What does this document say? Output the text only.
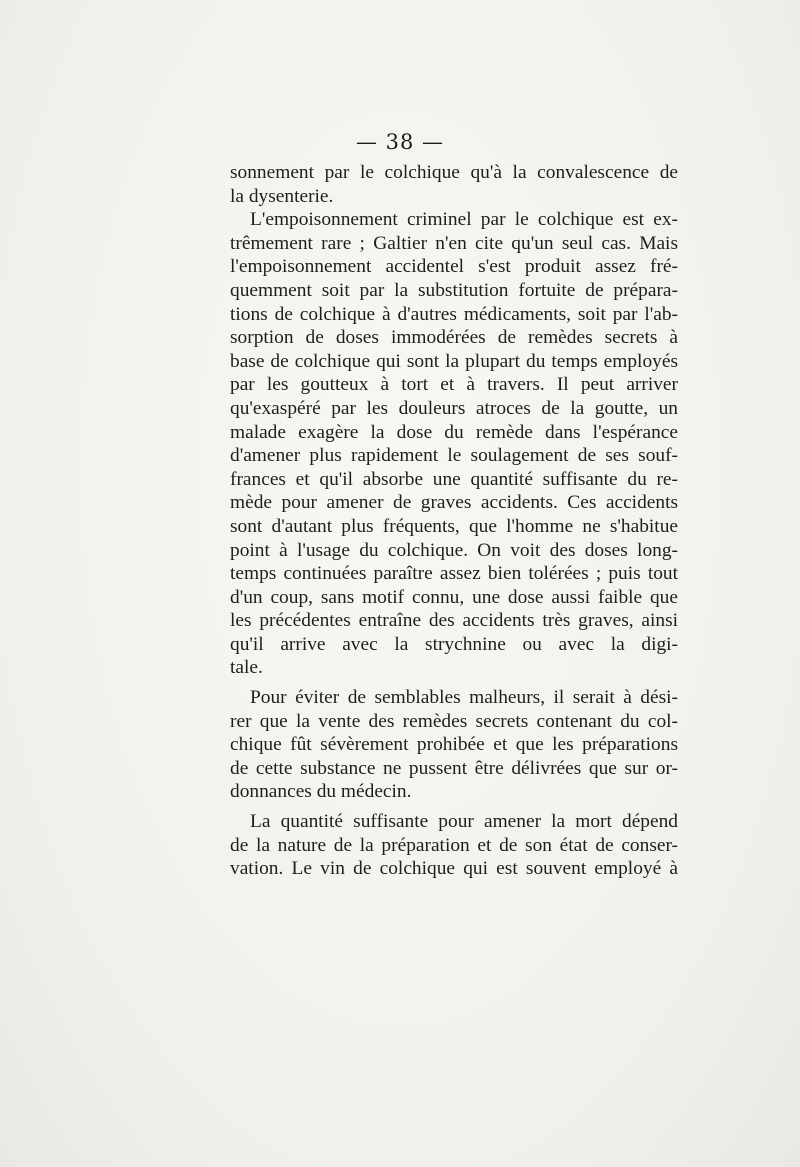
— 38 —

sonnement par le colchique qu'à la convalescence de
la dysenterie.

L'empoisonnement criminel par le colchique est ex-
trêmement rare ; Galtier n'en cite qu'un seul cas. Mais
l'empoisonnement accidentel s'est produit assez fré-
quemment soit par la substitution fortuite de prépara-
tions de colchique à d'autres médicaments, soit par l'ab-
sorption de doses immodérées de remèdes secrets à
base de colchique qui sont la plupart du temps employés
par les goutteux à tort et à travers. Il peut arriver
qu'exaspéré par les douleurs atroces de la goutte, un
malade exagère la dose du remède dans l'espérance
d'amener plus rapidement le soulagement de ses souf-
frances et qu'il absorbe une quantité suffisante du re-
mède pour amener de graves accidents. Ces accidents
sont d'autant plus fréquents, que l'homme ne s'habitue
point à l'usage du colchique. On voit des doses long-
temps continuées paraître assez bien tolérées ; puis tout
d'un coup, sans motif connu, une dose aussi faible que
les précédentes entraîne des accidents très graves, ainsi
qu'il arrive avec la strychnine ou avec la digi-
tale.

Pour éviter de semblables malheurs, il serait à dési-
rer que la vente des remèdes secrets contenant du col-
chique fût sévèrement prohibée et que les préparations
de cette substance ne pussent être délivrées que sur or-
donnances du médecin.

La quantité suffisante pour amener la mort dépend
de la nature de la préparation et de son état de conser-
vation. Le vin de colchique qui est souvent employé à
